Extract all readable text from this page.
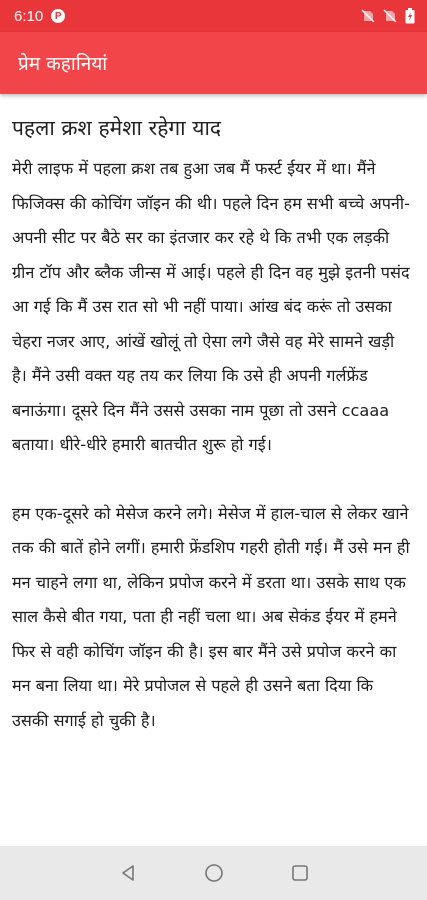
6:10	P
प्रेम कहानियां
पहला क्रश हमेशा रहेगा याद

मेरी लाइफ में पहला क्रश तब हुआ जब मैं फर्स्ट ईयर में था। मैंने फिजिक्स की कोचिंग जॉइन की थी। पहले दिन हम सभी बच्चे अपनी-अपनी सीट पर बैठे सर का इंतजार कर रहे थे कि तभी एक लड़की ग्रीन टॉप और ब्लैक जीन्स में आई। पहले ही दिन वह मुझे इतनी पसंद आ गई कि मैं उस रात सो भी नहीं पाया। आंख बंद करूं तो उसका चेहरा नजर आए, आंखें खोलूं तो ऐसा लगे जैसे वह मेरे सामने खड़ी है। मैंने उसी वक्त यह तय कर लिया कि उसे ही अपनी गर्लफ्रेंड बनाऊंगा। दूसरे दिन मैंने उससे उसका नाम पूछा तो उसने ccaaa बताया। धीरे-धीरे हमारी बातचीत शुरू हो गई।

हम एक-दूसरे को मेसेज करने लगे। मेसेज में हाल-चाल से लेकर खाने तक की बातें होने लगीं। हमारी फ्रेंडशिप गहरी होती गई। मैं उसे मन ही मन चाहने लगा था, लेकिन प्रपोज करने में डरता था। उसके साथ एक साल कैसे बीत गया, पता ही नहीं चला था। अब सेकंड ईयर में हमने फिर से वही कोचिंग जॉइन की है। इस बार मैंने उसे प्रपोज करने का मन बना लिया था। मेरे प्रपोजल से पहले ही उसने बता दिया कि उसकी सगाई हो चुकी है।
